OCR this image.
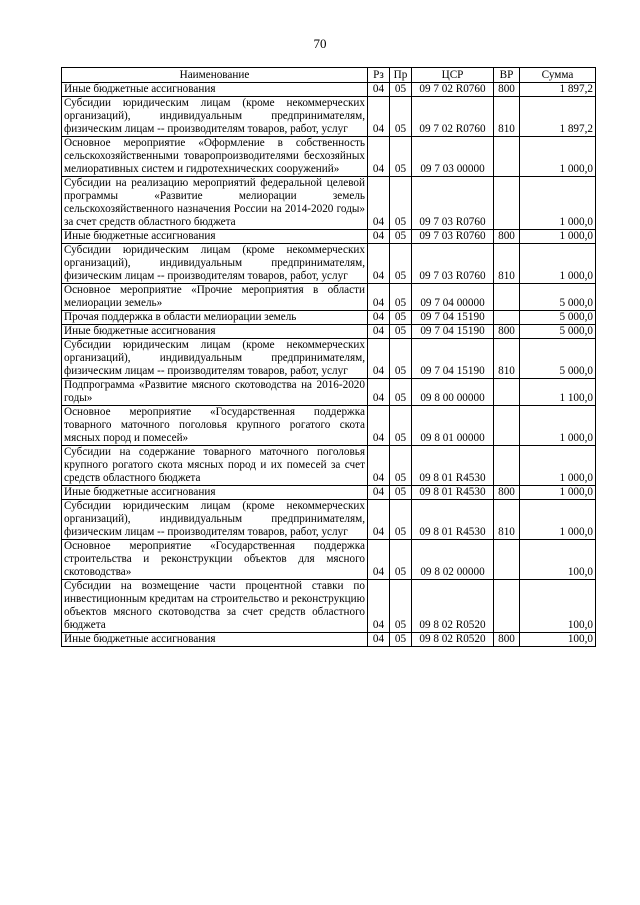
70
Наименование	Рз	Пр	ЦСР	ВР	Сумма
Иные бюджетные ассигнования	04	05	09 7 02 R0760	800	1 897,2
Субсидии юридическим лицам (кроме некоммерческих организаций), индивидуальным предпринимателям, физическим лицам -- производителям товаров, работ, услуг	04	05	09 7 02 R0760	810	1 897,2
Основное мероприятие «Оформление в собственность сельскохозяйственными товаропроизводителями бесхозяйных мелиоративных систем и гидротехнических сооружений»	04	05	09 7 03 00000		1 000,0
Субсидии на реализацию мероприятий федеральной целевой программы «Развитие мелиорации земель сельскохозяйственного назначения России на 2014-2020 годы» за счет средств областного бюджета	04	05	09 7 03 R0760		1 000,0
Иные бюджетные ассигнования	04	05	09 7 03 R0760	800	1 000,0
Субсидии юридическим лицам (кроме некоммерческих организаций), индивидуальным предпринимателям, физическим лицам -- производителям товаров, работ, услуг	04	05	09 7 03 R0760	810	1 000,0
Основное мероприятие «Прочие мероприятия в области мелиорации земель»	04	05	09 7 04 00000		5 000,0
Прочая поддержка в области мелиорации земель	04	05	09 7 04 15190		5 000,0
Иные бюджетные ассигнования	04	05	09 7 04 15190	800	5 000,0
Субсидии юридическим лицам (кроме некоммерческих организаций), индивидуальным предпринимателям, физическим лицам -- производителям товаров, работ, услуг	04	05	09 7 04 15190	810	5 000,0
Подпрограмма «Развитие мясного скотоводства на 2016-2020 годы»	04	05	09 8 00 00000		1 100,0
Основное мероприятие «Государственная поддержка товарного маточного поголовья крупного рогатого скота мясных пород и помесей»	04	05	09 8 01 00000		1 000,0
Субсидии на содержание товарного маточного поголовья крупного рогатого скота мясных пород и их помесей за счет средств областного бюджета	04	05	09 8 01 R4530		1 000,0
Иные бюджетные ассигнования	04	05	09 8 01 R4530	800	1 000,0
Субсидии юридическим лицам (кроме некоммерческих организаций), индивидуальным предпринимателям, физическим лицам -- производителям товаров, работ, услуг	04	05	09 8 01 R4530	810	1 000,0
Основное мероприятие «Государственная поддержка строительства и реконструкции объектов для мясного скотоводства»	04	05	09 8 02 00000		100,0
Субсидии на возмещение части процентной ставки по инвестиционным кредитам на строительство и реконструкцию объектов мясного скотоводства за счет средств областного бюджета	04	05	09 8 02 R0520		100,0
Иные бюджетные ассигнования	04	05	09 8 02 R0520	800	100,0
